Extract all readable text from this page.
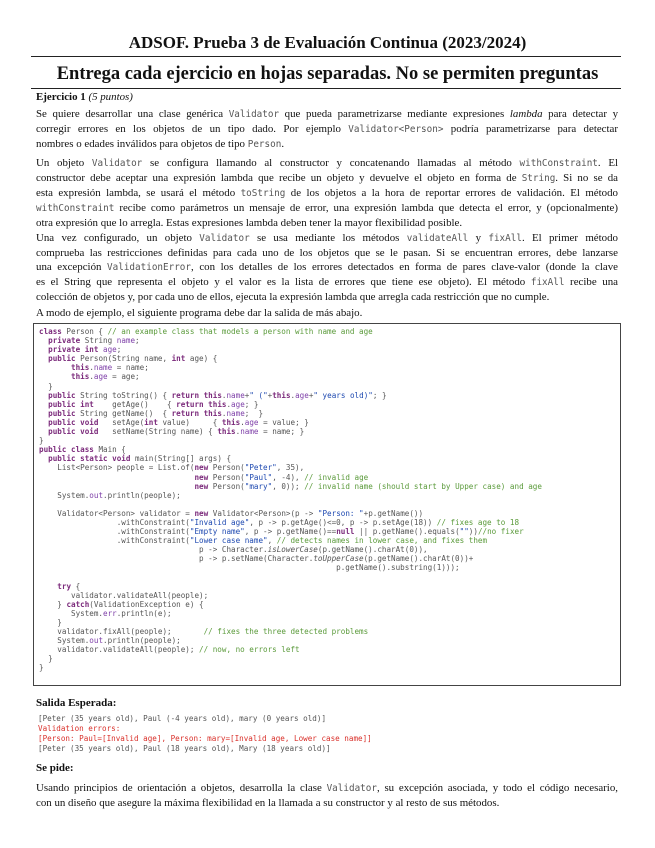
ADSOF. Prueba 3 de Evaluación Continua (2023/2024)
Entrega cada ejercicio en hojas separadas. No se permiten preguntas
Ejercicio 1 (5 puntos)
Se quiere desarrollar una clase genérica Validator que pueda parametrizarse mediante expresiones lambda para detectar y
corregir errores en los objetos de un tipo dado. Por ejemplo Validator<Person> podría parametrizarse para detectar
nombres o edades inválidos para objetos de tipo Person.
Un objeto Validator se configura llamando al constructor y concatenando llamadas al método withConstraint. El
constructor debe aceptar una expresión lambda que recibe un objeto y devuelve el objeto en forma de String. Si no se da
esta expresión lambda, se usará el método toString de los objetos a la hora de reportar errores de validación. El método
withConstraint recibe como parámetros un mensaje de error, una expresión lambda que detecta el error, y (opcionalmente)
otra expresión que lo arregla. Estas expresiones lambda deben tener la mayor flexibilidad posible.
Una vez configurado, un objeto Validator se usa mediante los métodos validateAll y fixAll. El primer método
comprueba las restricciones definidas para cada uno de los objetos que se le pasan. Si se encuentran errores, debe lanzarse
una excepción ValidationError, con los detalles de los errores detectados en forma de pares clave-valor (donde la clave
es el String que representa el objeto y el valor es la lista de errores que tiene ese objeto). El método fixAll recibe una
colección de objetos y, por cada uno de ellos, ejecuta la expresión lambda que arregla cada restricción que no cumple.
A modo de ejemplo, el siguiente programa debe dar la salida de más abajo.
class Person { // an example class that models a person with name and age
private String name;
private int age;
public Person(String name, int age) {
this.name = name;
this.age = age;
}
public String toString() { return this.name+" ("+this.age+" years old)"; }
public int    getAge()    { return this.age; }
public String getName()  { return this.name;  }
public void   setAge(int value)     { this.age = value; }
public void   setName(String name) { this.name = name; }
}
public class Main {
public static void main(String[] args) {
List<Person> people = List.of(new Person("Peter", 35),
new Person("Paul", -4), // invalid age
new Person("mary", 0)); // invalid name (should start by Upper case) and age
System.out.println(people);

Validator<Person> validator = new Validator<Person>(p -> "Person: "+p.getName())
.withConstraint("Invalid age", p -> p.getAge()<=0, p -> p.setAge(18)) // fixes age to 18
.withConstraint("Empty name", p -> p.getName()==null || p.getName().equals(""))//no fixer
.withConstraint("Lower case name", // detects names in lower case, and fixes them
p -> Character.isLowerCase(p.getName().charAt(0)),
p -> p.setName(Character.toUpperCase(p.getName().charAt(0))+
p.getName().substring(1)));

try {
validator.validateAll(people);
} catch(ValidationException e) {
System.err.println(e);
}
validator.fixAll(people);       // fixes the three detected problems
System.out.println(people);
validator.validateAll(people); // now, no errors left
}
}
Salida Esperada:
[Peter (35 years old), Paul (-4 years old), mary (0 years old)]
Validation errors:
[Person: Paul=[Invalid age], Person: mary=[Invalid age, Lower case name]]
[Peter (35 years old), Paul (18 years old), Mary (18 years old)]
Se pide:
Usando principios de orientación a objetos, desarrolla la clase Validator, su excepción asociada, y todo el código necesario,
con un diseño que asegure la máxima flexibilidad en la llamada a su constructor y al resto de sus métodos.
